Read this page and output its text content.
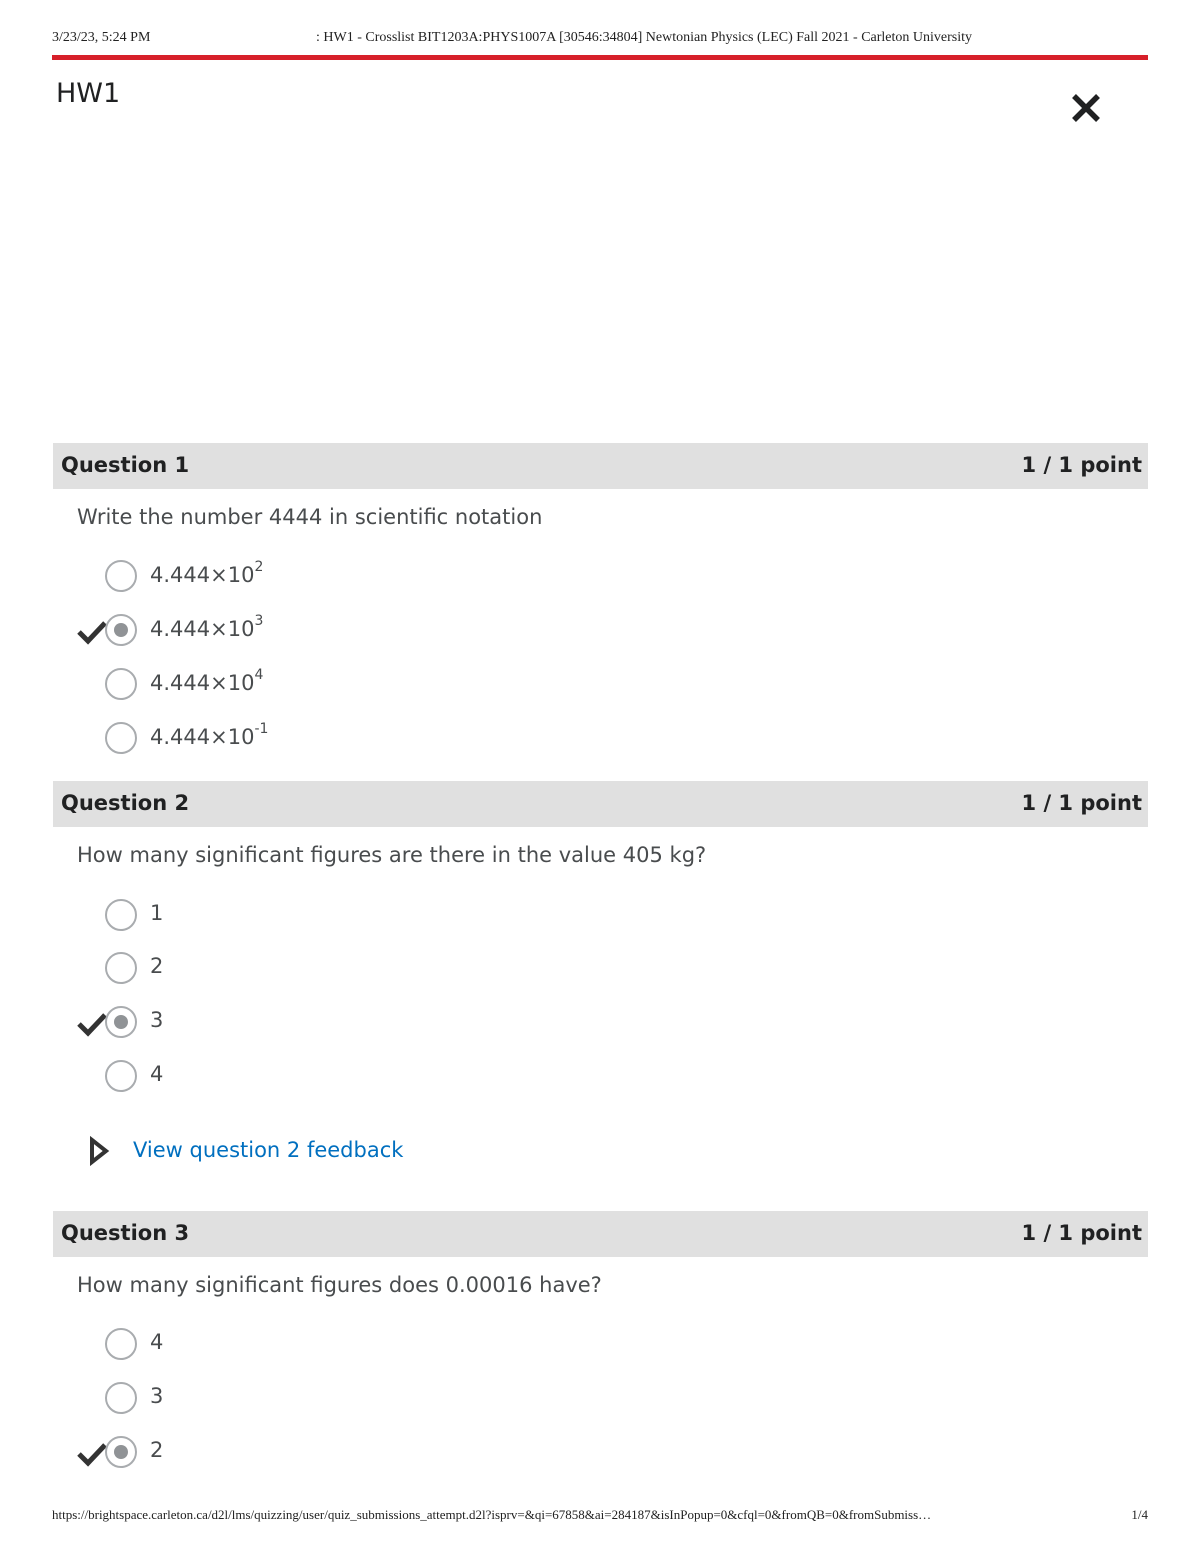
3/23/23, 5:24 PM	: HW1 - Crosslist BIT1203A:PHYS1007A [30546:34804] Newtonian Physics (LEC) Fall 2021 - Carleton University
HW1
Question 1	1 / 1 point
Write the number 4444 in scientific notation
$4.444\times 10^2$
$4.444\times 10^3$
$4.444\times 10^4$
$4.444\times 10^{-1}$
Question 2	1 / 1 point
How many significant figures are there in the value 405 kg?
1
2
3
4
View question 2 feedback
Question 3	1 / 1 point
How many significant figures does 0.00016 have?
4
3
2
https://brightspace.carleton.ca/d2l/lms/quizzing/user/quiz_submissions_attempt.d2l?isprv=&qi=67858&ai=284187&isInPopup=0&cfql=0&fromQB=0&fromSubmiss…	1/4
